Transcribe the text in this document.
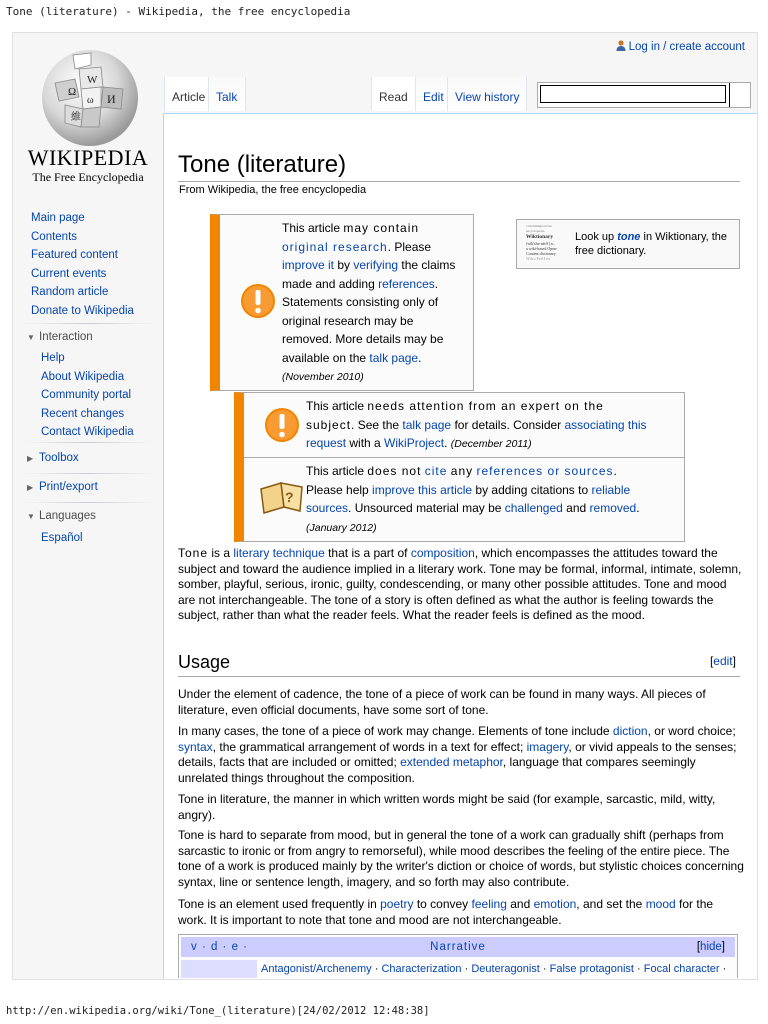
Tone (literature) - Wikipedia, the free encyclopedia
Ω
W
И
維
ω
WIKIPEDIA
The Free Encyclopedia
Main page
Contents
Featured content
Current events
Random article
Donate to Wikipedia
▼ Interaction
Help
About Wikipedia
Community portal
Recent changes
Contact Wikipedia
▶ Toolbox
▶ Print/export
▼ Languages
Español
Log in / create account
Article Talk	Read	Edit View history
Tone (literature)
From Wikipedia, the free encyclopedia
This article may contain
original research. Please
improve it by verifying the claims
made and adding references.
Statements consisting only of
original research may be
removed. More details may be
available on the talk page.
(November 2010)
a multilingual free encyclopedia
Wiktionary
[wĭk'shə-nĕr'ē] n.,
a wiki-based Open-
Content dictionary
Wilco Ferl Lex
Look up tone in Wiktionary, the free dictionary.
This article needs attention from an expert on the
subject. See the talk page for details. Consider associating this
request with a WikiProject. (December 2011)
?
This article does not cite any references or sources.
Please help improve this article by adding citations to reliable
sources. Unsourced material may be challenged and removed.
(January 2012)
Tone is a literary technique that is a part of composition, which encompasses the attitudes toward the subject and toward the audience implied in a literary work. Tone may be formal, informal, intimate, solemn, somber, playful, serious, ironic, guilty, condescending, or many other possible attitudes. Tone and mood are not interchangeable. The tone of a story is often defined as what the author is feeling towards the subject, rather than what the reader feels. What the reader feels is defined as the mood.
Usage	[edit]
Under the element of cadence, the tone of a piece of work can be found in many ways. All pieces of literature, even official documents, have some sort of tone.
In many cases, the tone of a piece of work may change. Elements of tone include diction, or word choice; syntax, the grammatical arrangement of words in a text for effect; imagery, or vivid appeals to the senses; details, facts that are included or omitted; extended metaphor, language that compares seemingly unrelated things throughout the composition.
Tone in literature, the manner in which written words might be said (for example, sarcastic, mild, witty, angry).
Tone is hard to separate from mood, but in general the tone of a work can gradually shift (perhaps from sarcastic to ironic or from angry to remorseful), while mood describes the feeling of the entire piece. The tone of a work is produced mainly by the writer's diction or choice of words, but stylistic choices concerning syntax, line or sentence length, imagery, and so forth may also contribute.
Tone is an element used frequently in poetry to convey feeling and emotion, and set the mood for the work. It is important to note that tone and mood are not interchangeable.
v · d · e ·	Narrative	[hide]
Antagonist/Archenemy · Characterization · Deuteragonist · False protagonist · Focal character ·
http://en.wikipedia.org/wiki/Tone_(literature)[24/02/2012 12:48:38]
